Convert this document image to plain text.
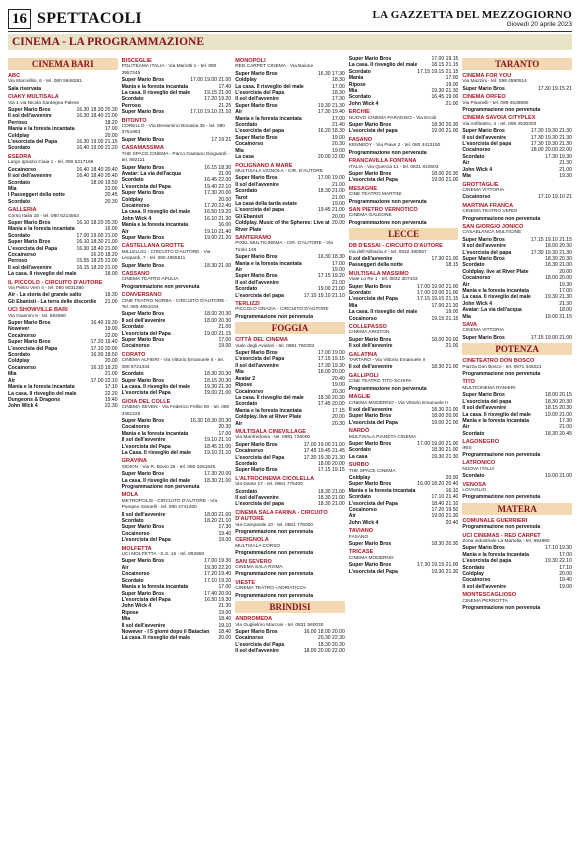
16 SPETTACOLI	LA GAZZETTA DEL MEZZOGIORNO
Giovedì 20 aprile 2023
CINEMA - LA PROGRAMMAZIONE
CINEMA BARI
ABC
Via Marcellini, 6 - tel. 080 5648281
Sala riservata
CIAKY MULTISALA
Via 1 via Nicola Sardegna Palese
Super Mario Bros	16.30 18.30 20.30
Il sol dell'avvenire	16.30 18.40 21.00
Perroso	18.20
Mania e la foresta incantata	17.00
Coldplay	20.00
L'esorcista del Papa	16.30 19.00 21.15
Scordato	16.40 19.00 21.20
ESEDRA
Largo Ignazio Ciaia 1 - tel. 080 5217168
Cocainorso	16.40 18.40 20.40
Il sol dell'avvenire	16.40 18.40 20.40
Scordato	18.00 19.50
Mia	21.00
I Passeggeri della notte	20.45
Scordato	20.30
GALLERIA
Corso Italia 15 - tel. 080 5214563
Super Mario Bros	16.10 18.20 20.30
Mania e la foresta incantata	16.00
Scordato	17.00 19.00 21.00
Super Mario Bros	16.10 18.30 21.00
L'esorcista del Papa	16.30 18.40 21.00
Cocainorso	16.20 18.20
Perroso	15.55 18.25 21.00
Il sol dell'avvenire	16.15 18.20 21.00
La casa. Il risveglio del male	18.00
IL PICCOLO - CIRCUITO D'AUTORE
Via Pietro Verri 4 - tel. 080 9031380
Air - La storia del grande salto	18.30
Gli Ebanisti - La terra delle discordie 21.00
UCI SHOWVILLE BARI
Via Giannini 9 - tel. 892960
Super Mario Bros	16.40 19.30
Nowever	19.00
Cocainorso	22.00
Super Mario Bros	17.20 19.40
L'esorcista del Papa	17.10 20.00
Scordato	16.30 18.50
Coldplay	20.00
Cocainorso	16.10 19.20
Mia	21.00
Air	17.00 22.10
Mania e la foresta incantata	17.10
La casa. Il risveglio del male	22.20
Dungeons & Dragons	19.40
John Wick 4	22.30
BISCEGLIE
POLITEAMA ITALIA - Via Mariotti 1 - tel. 080 3957245
Super Mario Bros	17.00 19.00 21.00
Mania e la foresta incantata	17.40
La casa. Il risveglio del male	19.15 21.00
Scordato	17.20 19.20
Perroso	21.25
Super Mario Bros	17.10 19.10 21.10
BITONTO
CORELLO - Via Beniamino Bonasia 45 - tel. 080 3751983
Super Mario Bros	17 19 21
CASAMASSIMA
THE SPACE CINEMA - Parco Gaetano Dioguardi - tel. 892111
Super Mario Bros	16.15 18.30
Avatar: La via dell'acqua	21.00
Scordato	16.45 22.00
L'esorcista del Papa	19.40 22.10
Super Mario Bros	17.30 20.00
Coldplay	20.00
Cocainorso	17.20 22.40
La casa. Il risveglio del male	16.50 19.20
John Wick 4	16.10 21.30
Mania e la foresta incantata	16.00
Air	19.10 21.40
Super Mario Bros	19.00 21.20
CASTELLANA GROTTE
MILLELUCI - CIRCUITO D'AUTORE - Via Leopardi, 7 - tel. 080 4965811
Super Mario Bros	18.30 21.00
CASSANO
CINEMA TEATRO APULIA
Programmazione non pervenuta
CONVERSANO
CINE TEATRO NORBA - CIRCUITO D'AUTORE - Tel. 080 4951034
Super Mario Bros	18.00 20.30
Il sol dell'avvenire	18.00 20.30
Scordato	21.00
L'esorcista del Papa	19.00 21.15
Super Mario Bros	17.00
Cocainorso	19.00
CORATO
CINEMA ALFIERI - Via Vittorio Emanuele II - tel. 080 8721434
Scordato	18.30 20.30
Super Mario Bros	18.15 20.30
La casa. Il risveglio del male	19.30 21.30
L'esorcista del Papa	19.00 21.00
GIOIA DEL COLLE
CINEMA SEVEN - Via Federico Fellini 80 - tel. 080 3481225
Super Mario Bros	16.30 18.30 20.30
Cocainorso	20.30
Mania e la foresta incantata	17.00
Il sol dell'avvenire	19.10 21.10
L'esorcista del Papa	18.45 21.00
La Casa. Il risveglio del male	19.10 21.10
GRAVINA
SIDION - Via R. Bovio 35 - tel. 080 3261645
Super Mario Bros	17.30 20.00
La casa. Il risveglio del male	18.30 21.00
Programmazione non pervenuta
MOLA
METROPOLIS - CIRCUITO D'AUTORE - Via Pompeo Sarnelli - tel. 080 4741300
Il sol dell'avvenire	18.00 21.00
Scordato	18.20 21.10
Super Mario Bros	17.30
Cocainorso	19.40
L'esorcista del Papa	19.00
MOLFETTA
UCI MOLFETTA - S.S. 16 - tel. 892960
Super Mario Bros	17.00 19.30
Air	19.30 22.20
Cocainorso	17.20 19.40
Scordato	17.10 19.20
Mania e la foresta incantata	17.00
Super Mario Bros	17.40 20.00
L'esorcista del Papa	16.50 19.30
John Wick 4	21.30
Ripose	19.00
Mia	18.40
Il sol dell'avvenire	19.10
Nowever - I 5 giorni dopo il Bataclan 18.40
La casa. Il risveglio del male	20.00
MONOPOLI
RED CARPET CINEMA - Via Baione
Super Mario Bros	16.30 17.30
Coldplay	18.30
La casa. Il risveglio del male	17.00
L'esorcista del Papa	18.30
Il sol dell'avvenire	17.30
Super Mario Bros	19.30 21.30
Air	17.30 19.40
Mania e la foresta incantata	17.00
Scordato	21.40
L'esorcista del papa	16.20 18.30
Super Mario Bros	19.00
Cocainorso	20.30
Mia	19.00
La casa	20.00 22.00
POLIGNANO A MARE
MULTISALA VIGNOLA - CIR. D'AUTORE
Super Mario Bros	17.00 19.00
Il sol dell'avvenire	21.00
Scordato	18.30 21.00
Tarot	21.00
La casa della tarda estate	19.00
L'esorcista del papa	19.45 21.00
Gli Ebanisti	20.00
Coldplay. Music of the Spheres: Live at River Plate
20.00
SANTERAMO
PIXEL MULTICINEMA - CIR. D'AUTORE - Via Tirolo 148
Super Mario Bros	16.30 18.30
Mania e la foresta incantata	17.00
Air	19.00
Super Mario Bros	17.15 19.20
Il sol dell'avvenire	21.00
Scordato	19.00 21.00
L'esorcista del papa	17.10 19.10 21.10
TERLIZZI
PICCOLO GRAZIA - CIRCUITO D'AUTORE
Programmazione non pervenuta
FOGGIA
CITTÀ DEL CINEMA
Viale degli Aviatori - tel. 0881 750303
Super Mario Bros	17.00 19.00
L'esorcista del Papa	17.15 19.15
Il sol dell'avvenire	17.30 19.30
Mia	18.00 20.00
Avatar 2	20.40
Ripose	19.00
Cocainorso	20.30
La casa. Il risveglio del male	18.30 20.30
Scordato	17.45 20.00
Mania e la foresta incantata	17.15
Coldplay. live at River Plate	20.00
Air	20.30
MULTISALA CINEVILLAGE
Via Manfredonia - tel. 0881 726000
Super Mario Bros	17.00 19.00 21.00
Cocainorso	17.45 19.45 21.45
L'esorcista del Papa	17.30 19.30 21.30
Scordato	18.00 20.00
Super Mario Bros	17.15 19.15
L'ALTROCINEMA CICOLELLA
Via Dante 17 - tel. 0881 775400
Scordato	18.30 21.00
Il sol dell'avvenire	18.30 21.00
L'esorcista del papa	18.30 21.00
CINEMA SALA FARINA - CIRCUITO D'AUTORE
Via Campanile 10 - tel. 0881 776000
Programmazione non pervenuta
CERIGNOLA
MULTISALA CORSO
Programmazione non pervenuta
SAN SEVERO
CINEMA SALA ROMA
Programmazione non pervenuta
VIESTE
CINEMA TEATRO «ADRIATICO»
Programmazione non pervenuta
BRINDISI
ANDROMEDA
Via Guglielmo Marconi - tel. 0831 560030
Super Mario Bros	16.00 18.00 20.00
Cocainorso	20.30 22.30
L'esorcista del Papa	18.30 20.30
Il sol dell'avvenire	18.00 20.00 22.00
Super Mario Bros	17.00 19.15
La casa. Il risveglio del male	18.15 21.15
Scordato	17.15 19.15 21.15
Mania	17.00
Ripose	19.00
Mia	19.30 21.30
Scordato	16.45 19.00
John Wick 4	21.00
ERCHIE
NUOVO CINEMA PARADISO - Via Ercoli
Super Mario Bros	18.30 20.30
L'esorcista del papa	19.00 21.00
FASANO
KENNEDY - Via Piave 2 - tel. 080 4413150
Programmazione non pervenuta
FRANCAVILLA FONTANA
ITALIA - Via Quercia 11 - tel. 0831 810503
Super Mario Bros	18.00 20.30
L'esorcista del Papa	19.00 21.00
MESAGNE
CINE TEATRO MARTINI
Programmazione non pervenuta
SAN PIETRO VERNOTICO
CINEMA GALEONE
Programmazione non pervenuta
LECCE
DB D'ESSAI - CIRCUITO D'AUTORE
Via dell'Abbazia 4 - tel. 0832 390557
Il sol dell'avvenire	17.30 21.00
Passeggeri della notte	18.15
MULTISALA MASSIMO
Viale Lo Re 1 - tel. 0832 307433
Super Mario Bros	17.00 19.00 21.00
Scordato	17.00 19.00 21.00
L'esorcista del Papa	17.15 19.15 21.15
Mia	17.00 21.30
La casa. Il risveglio del male	19.00
Cocainorso	19.15 21.15
COLLEPASSO
CINEMA ARISTON
Super Mario Bros	18.00 20.00
Il sol dell'avvenire	21.00
GALATINA
TARTARO - Via Vittorio Emanuele II
Il sol dell'avvenire	18.30 21.00
GALLIPOLI
CINE TEATRO TITO SCHIPA
Programmazione non pervenuta
MAGLIE
CINEMA MODERNO - Via Vittorio Emanuele II
Il sol dell'avvenire	18.30 21.00
Super Mario Bros	18.00 20.00
L'esorcista del Papa	19.00 21.00
NARDÒ
MULTISALA PIANETA CINEMA
Super Mario Bros	17.00 19.00 21.00
Scordato	18.30 21.00
La casa	19.30 21.30
SURBO
THE SPACE CINEMA
Coldplay	20.00
Super Mario Bros	16.00 18.20 20.40
Mania e la foresta incantata	16.10
Scordato	17.10 21.40
L'esorcista del Papa	18.40 21.10
Cocainorso	17.20 19.50
Air	19.00 21.30
John Wick 4	20.40
TAVIANO
FASANO
Super Mario Bros	18.30 20.30
TRICASE
CINEMA MODERNO
Super Mario Bros	17.30 19.15 21.00
L'esorcista del Papa	19.30 21.30
TARANTO
CINEMA FOR YOU
Via Mazzini - tel. 099 4590514
Super Mario Bros	17.30 19.15 21
CINEMA ORFEO
Via Pisanelli - tel. 099 4536890
Programmazione non pervenuta
CINEMA SAVOIA CITYPLEX
Via Anfiteatro, 4 - tel. 099 4530303
Super Mario Bros	17.30 19.30 21.30
Il sol dell'avvenire	17.30 19.30 21.30
L'esorcista del papa	17.30 19.30 21.30
Cocainorso	18.00 20.00 22.00
Scordato	17.30 19.30
Air	21.30
John Wick 4	21.00
Mia	19.30
GROTTAGLIE
CINEMA VITTORIA
Cocainorso	17.10 19.10 21
MARTINA FRANCA
CINEMA TEATRO VERDI
Programmazione non pervenuta
SAN GIORGIO JONICO
CASABLANCA MULTICINE
Super Mario Bros	17.15 19.10 21.15
Il sol dell'avvenire	18.00 20.30
L'esorcista del papa	17.30 19.30 21.30
Super Mario Bros	18.30 20.30
Scordato	18.30 21.00
Coldplay. live at River Plate	20.00
Cocainorso	18.00 20.00
Air	19.30
Mania e la foresta incantata	17.00
La casa. Il risveglio del male	19.30 21.30
John Wick 4	21.30
Avatar: La via dell'acqua	18.00
Mia	19.00 21.15
SAVA
CINEMA VITTORIA
Super Mario Bros	17.15 19.00 21.00
POTENZA
CINETEATRO DON BOSCO
Piazza Don Bosco - tel. 0971 445021
Programmazione non pervenuta
TITO
MULTICINEMA RANIERI
Super Mario Bros	18.00 20.15
L'esorcista del papa	18.30 20.30
Il sol dell'avvenire	18.15 20.30
La casa. Il risveglio del male	19.00 21.00
Mania e la foresta incantata	17.30
Air	21.00
Scordato	18.30 20.45
LAGONEGRO
IRIS
Programmazione non pervenuta
LATRONICO
NUOVA ITALIA
Scordato	19.00 21.00
VENOSA
LOVAGLIO
Programmazione non pervenuta
MATERA
COMUNALE GUERRIERI
Programmazione non pervenuta
UCI CINEMAS - RED CARPET
Zona industriale La Martella - tel. 892960
Super Mario Bros	17.10 19.30
Mania e la foresta incantata	17.00
L'esorcista del papa	19.30 22.10
Scordato	17.10
Coldplay	20.00
Cocainorso	19.40
Il sol dell'avvenire	19.00
MONTESCAGLIOSO
CINEMA PERROTTA
Programmazione non pervenuta
